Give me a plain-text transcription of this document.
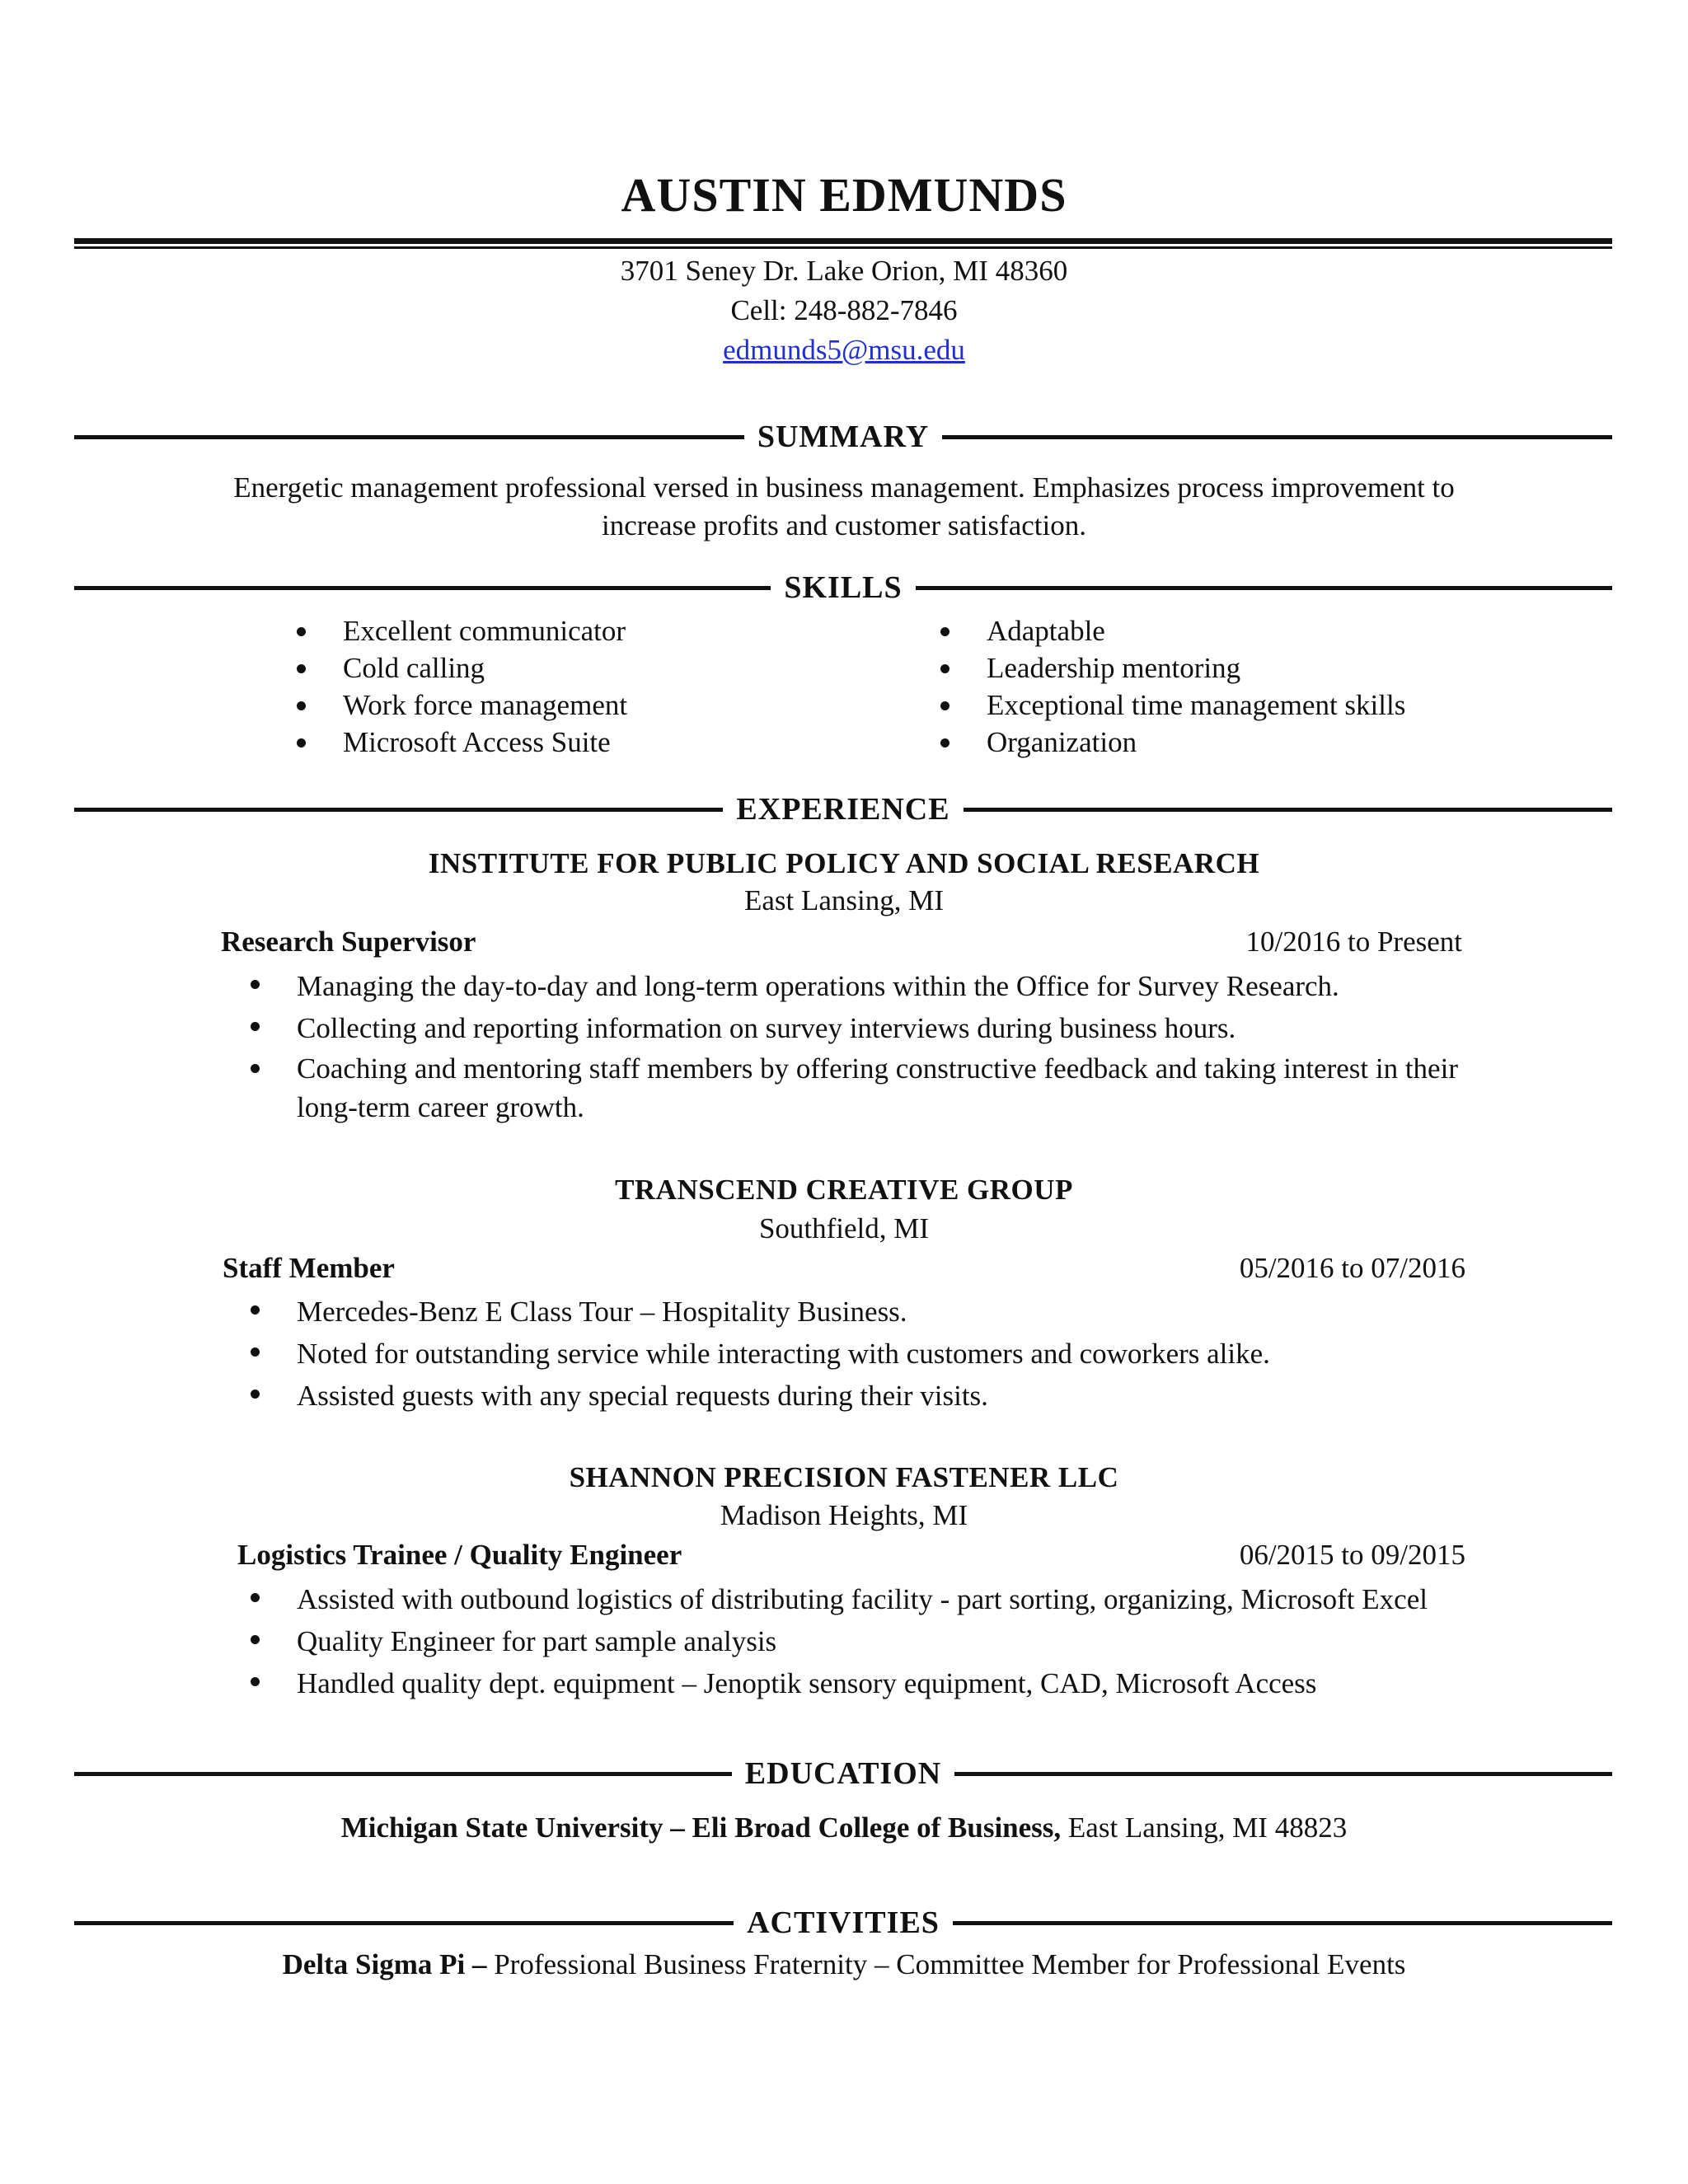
AUSTIN EDMUNDS
3701 Seney Dr. Lake Orion, MI 48360
Cell: 248-882-7846
edmunds5@msu.edu
SUMMARY
Energetic management professional versed in business management. Emphasizes process improvement to
increase profits and customer satisfaction.
SKILLS
Excellent communicator
Cold calling
Work force management
Microsoft Access Suite
Adaptable
Leadership mentoring
Exceptional time management skills
Organization
EXPERIENCE
INSTITUTE FOR PUBLIC POLICY AND SOCIAL RESEARCH
East Lansing, MI
Research Supervisor	10/2016 to Present
Managing the day-to-day and long-term operations within the Office for Survey Research.
Collecting and reporting information on survey interviews during business hours.
Coaching and mentoring staff members by offering constructive feedback and taking interest in their long-term career growth.
TRANSCEND CREATIVE GROUP
Southfield, MI
Staff Member	05/2016 to 07/2016
Mercedes-Benz E Class Tour – Hospitality Business.
Noted for outstanding service while interacting with customers and coworkers alike.
Assisted guests with any special requests during their visits.
SHANNON PRECISION FASTENER LLC
Madison Heights, MI
Logistics Trainee / Quality Engineer	06/2015 to 09/2015
Assisted with outbound logistics of distributing facility - part sorting, organizing, Microsoft Excel
Quality Engineer for part sample analysis
Handled quality dept. equipment – Jenoptik sensory equipment, CAD, Microsoft Access
EDUCATION
Michigan State University – Eli Broad College of Business, East Lansing, MI 48823
ACTIVITIES
Delta Sigma Pi – Professional Business Fraternity – Committee Member for Professional Events
